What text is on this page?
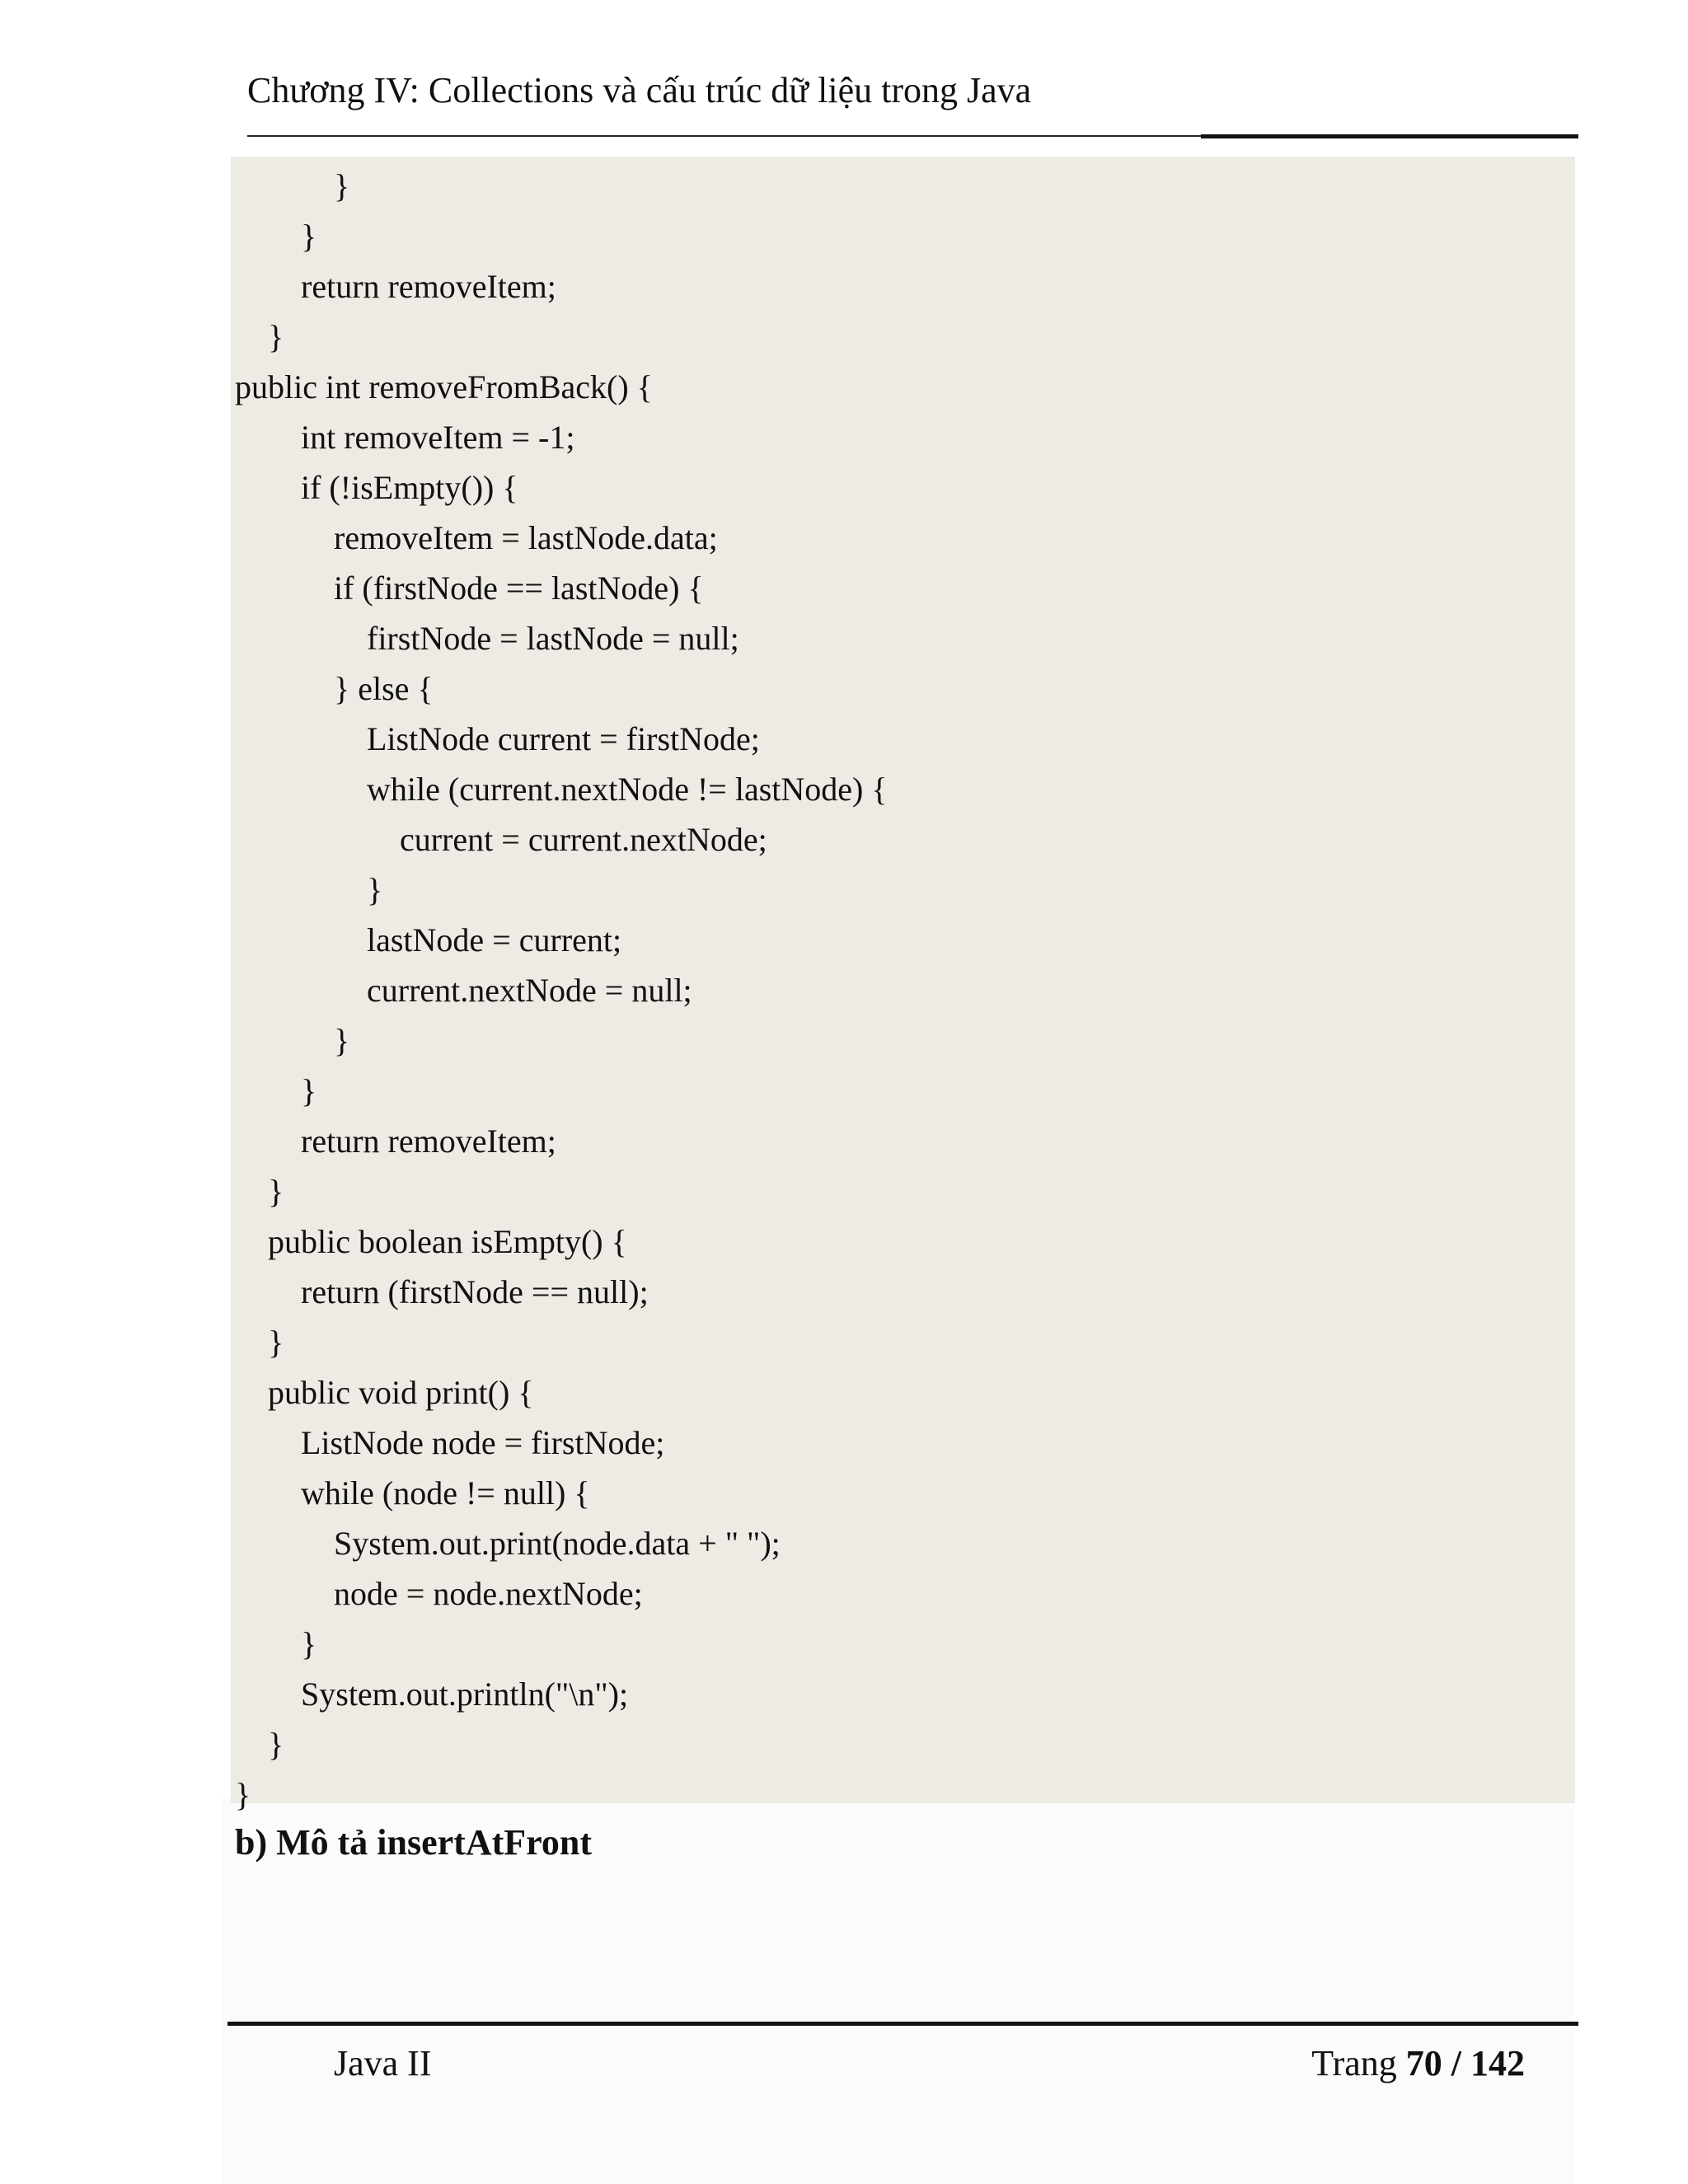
Chương IV: Collections và cấu trúc dữ liệu trong Java
}
}
return removeItem;
}
public int removeFromBack() {
int removeItem = -1;
if (!isEmpty()) {
removeItem = lastNode.data;
if (firstNode == lastNode) {
firstNode = lastNode = null;
} else {
ListNode current = firstNode;
while (current.nextNode != lastNode) {
current = current.nextNode;
}
lastNode = current;
current.nextNode = null;
}
}
return removeItem;
}
public boolean isEmpty() {
return (firstNode == null);
}
public void print() {
ListNode node = firstNode;
while (node != null) {
System.out.print(node.data + " ");
node = node.nextNode;
}
System.out.println("\n");
}
}
b) Mô tả insertAtFront
Java II	Trang 70 / 142
